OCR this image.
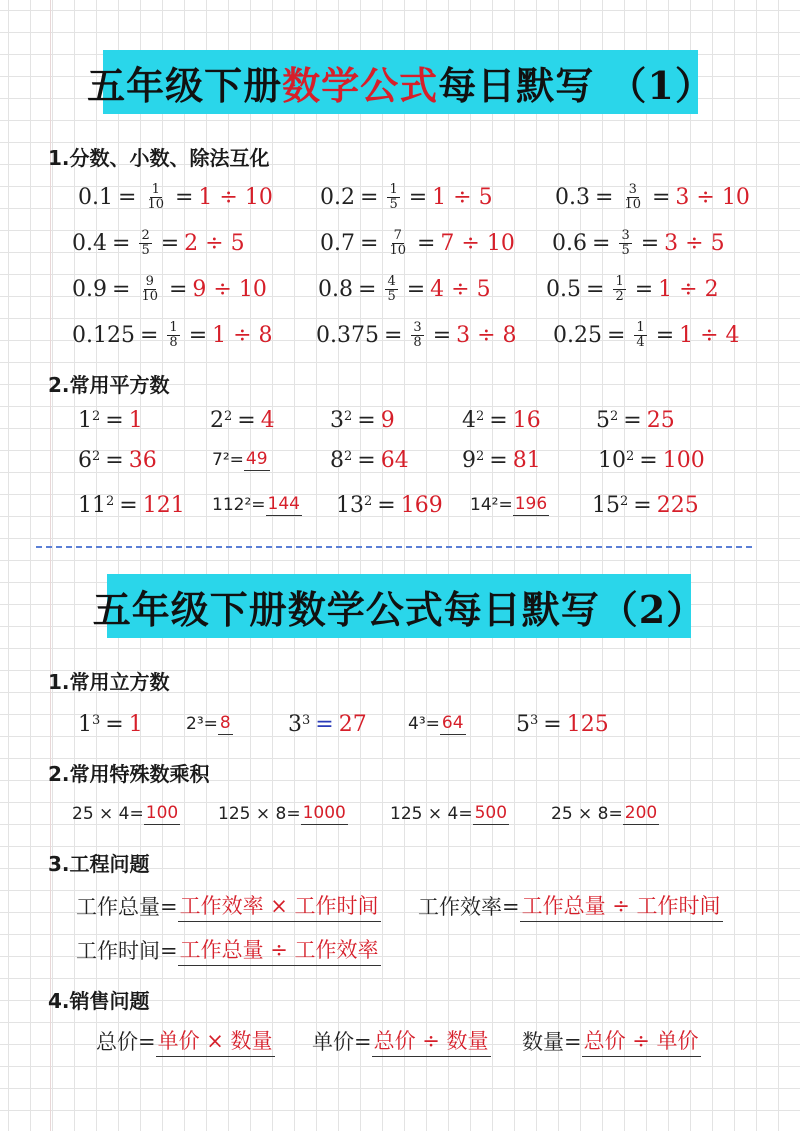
五年级下册 数学公式 每日默写 （1）
1.分数、小数、除法互化
$0.1 = \frac{1}{10} = 1 \div 10$ $0.2 = \frac{1}{5} = 1 \div 5$	$0.3 = \frac{3}{10} = 3 \div 10$
$0.4 = \frac{2}{5} = 2 \div 5$	$0.7 = \frac{7}{10} = 7 \div 10$ $0.6 = \frac{3}{5} = 3 \div 5$
$0.9 = \frac{9}{10} = 9 \div 10$ $0.8 = \frac{4}{5} = 4 \div 5$	$0.5 = \frac{1}{2} = 1 \div 2$
$0.125 = \frac{1}{8} = 1 \div 8$ $0.375 = \frac{3}{8} = 3 \div 8$ $0.25 = \frac{1}{4} = 1 \div 4$
2.常用平方数
$1^2 = 1$	$2^2 = 4$	$3^2 = 9$	$4^2 = 16$	$5^2 = 25$
$6^2 = 36$	7²= 49	$8^2 = 64$ $9^2 = 81$	$10^2 = 100$
$11^2 = 121$ 112²= 144 $13^2 = 169$ 14²= 196 $15^2 = 225$
五年级下册数学公式每日默写（2）
1.常用立方数
$1^3 = 1$	2³= 8	$3^3 = 27$ 4³= 64 $5^3 = 125$
2.常用特殊数乘积
25 × 4= 100 125 × 8= 1000	125 × 4= 500	25 × 8= 200
3.工程问题
工作总量= 工作效率 × 工作时间 工作效率= 工作总量 ÷ 工作时间
工作时间= 工作总量 ÷ 工作效率
4.销售问题
总价= 单价 × 数量 单价= 总价 ÷ 数量 数量= 总价 ÷ 单价
